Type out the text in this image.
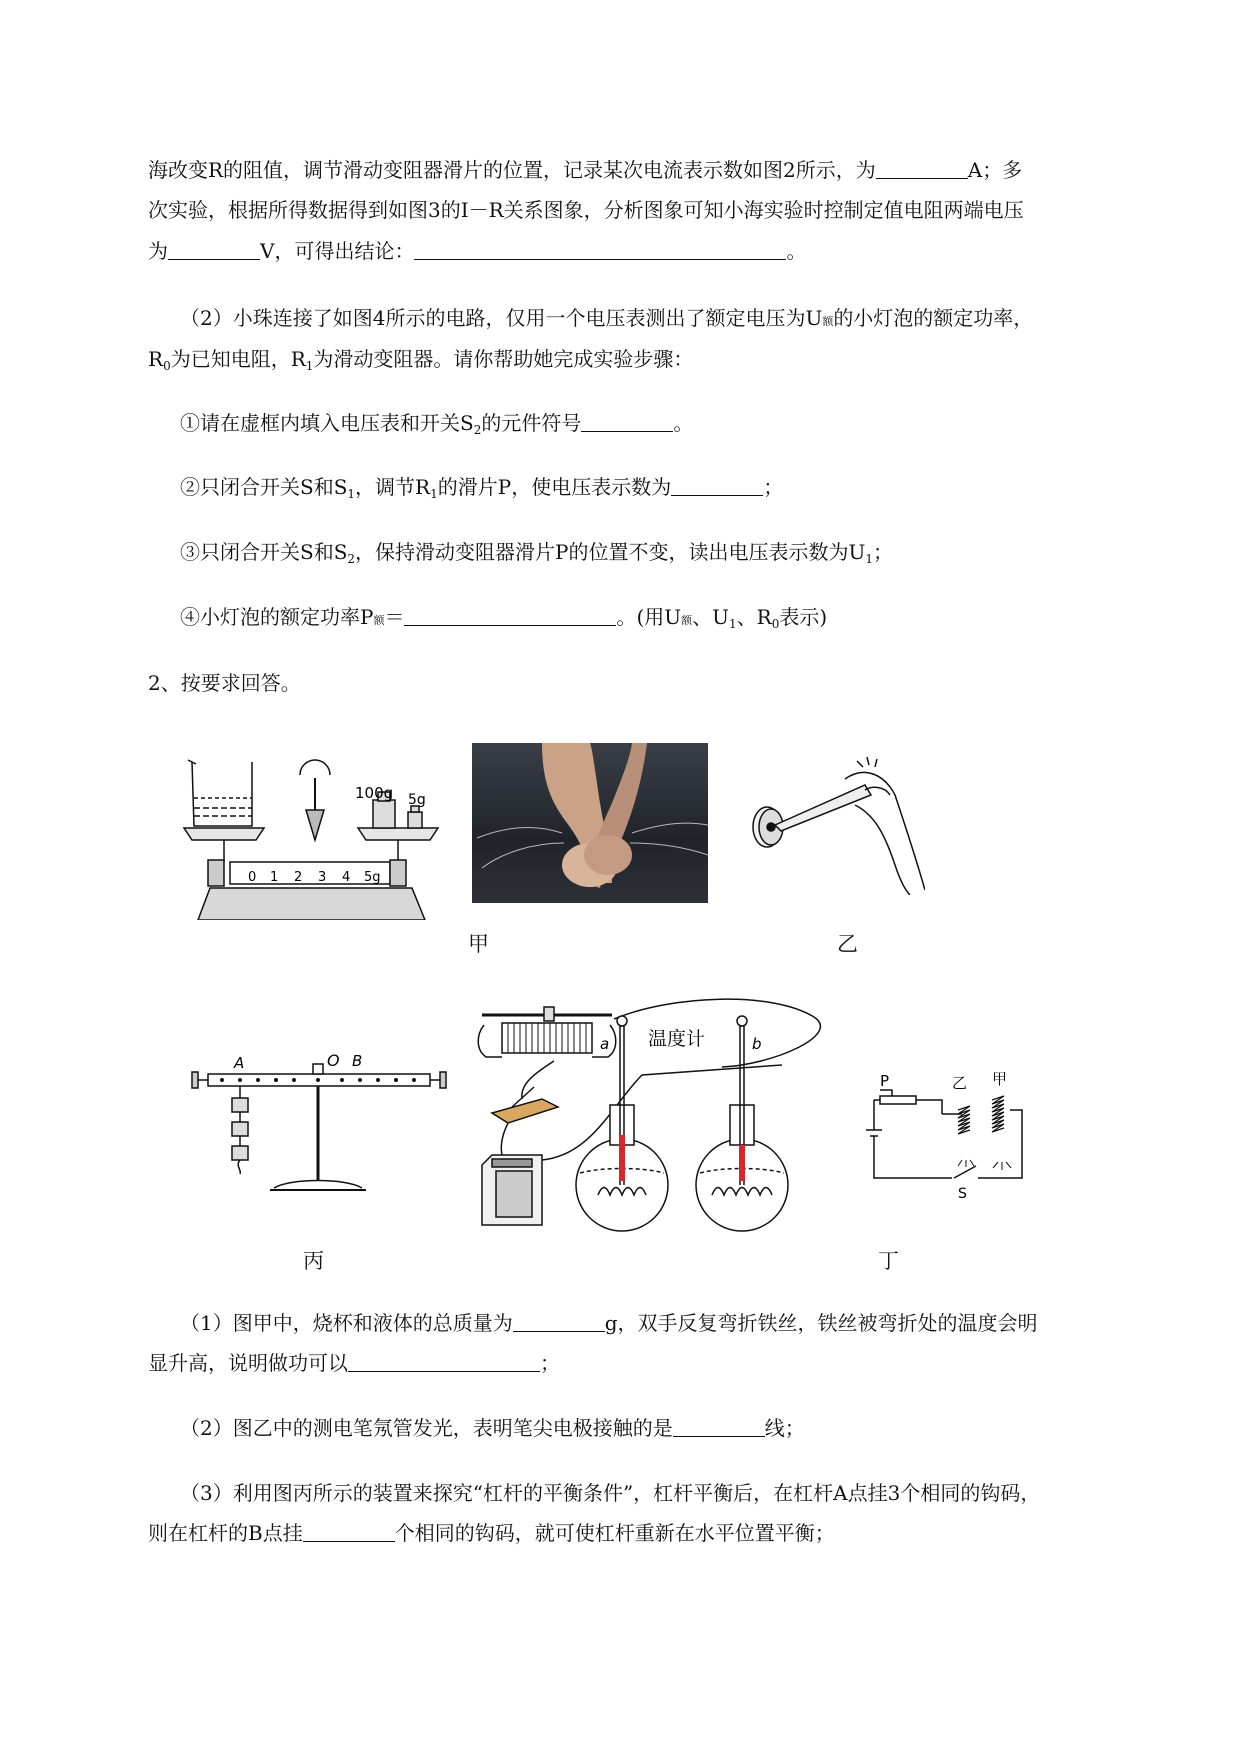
海改变R的阻值，调节滑动变阻器滑片的位置，记录某次电流表示数如图2所示，为	A；多
次实验，根据所得数据得到如图3的I－R关系图象，分析图象可知小海实验时控制定值电阻两端电压
为	V，可得出结论：	。
（2）小珠连接了如图4所示的电路，仅用一个电压表测出了额定电压为U额的小灯泡的额定功率，
$R_0$为已知电阻，$R_1$为滑动变阻器。请你帮助她完成实验步骤：
①请在虚框内填入电压表和开关$S_2$的元件符号	。
②只闭合开关S和$S_1$，调节$R_1$的滑片P，使电压表示数为	；
③只闭合开关S和$S_2$，保持滑动变阻器滑片P的位置不变，读出电压表示数为$U_1$；
④小灯泡的额定功率P额＝	。(用U额、$U_1$、$R_0$表示)
2、按要求回答。
100g 5g
0 1 2 3 4 5g
甲	乙
A	O B
a	b
温度计
P	乙 甲
S
丙	丁
（1）图甲中，烧杯和液体的总质量为	g，双手反复弯折铁丝，铁丝被弯折处的温度会明
显升高，说明做功可以	；
（2）图乙中的测电笔氖管发光，表明笔尖电极接触的是	线；
（3）利用图丙所示的装置来探究“杠杆的平衡条件”，杠杆平衡后，在杠杆A点挂3个相同的钩码，
则在杠杆的B点挂	个相同的钩码，就可使杠杆重新在水平位置平衡；
